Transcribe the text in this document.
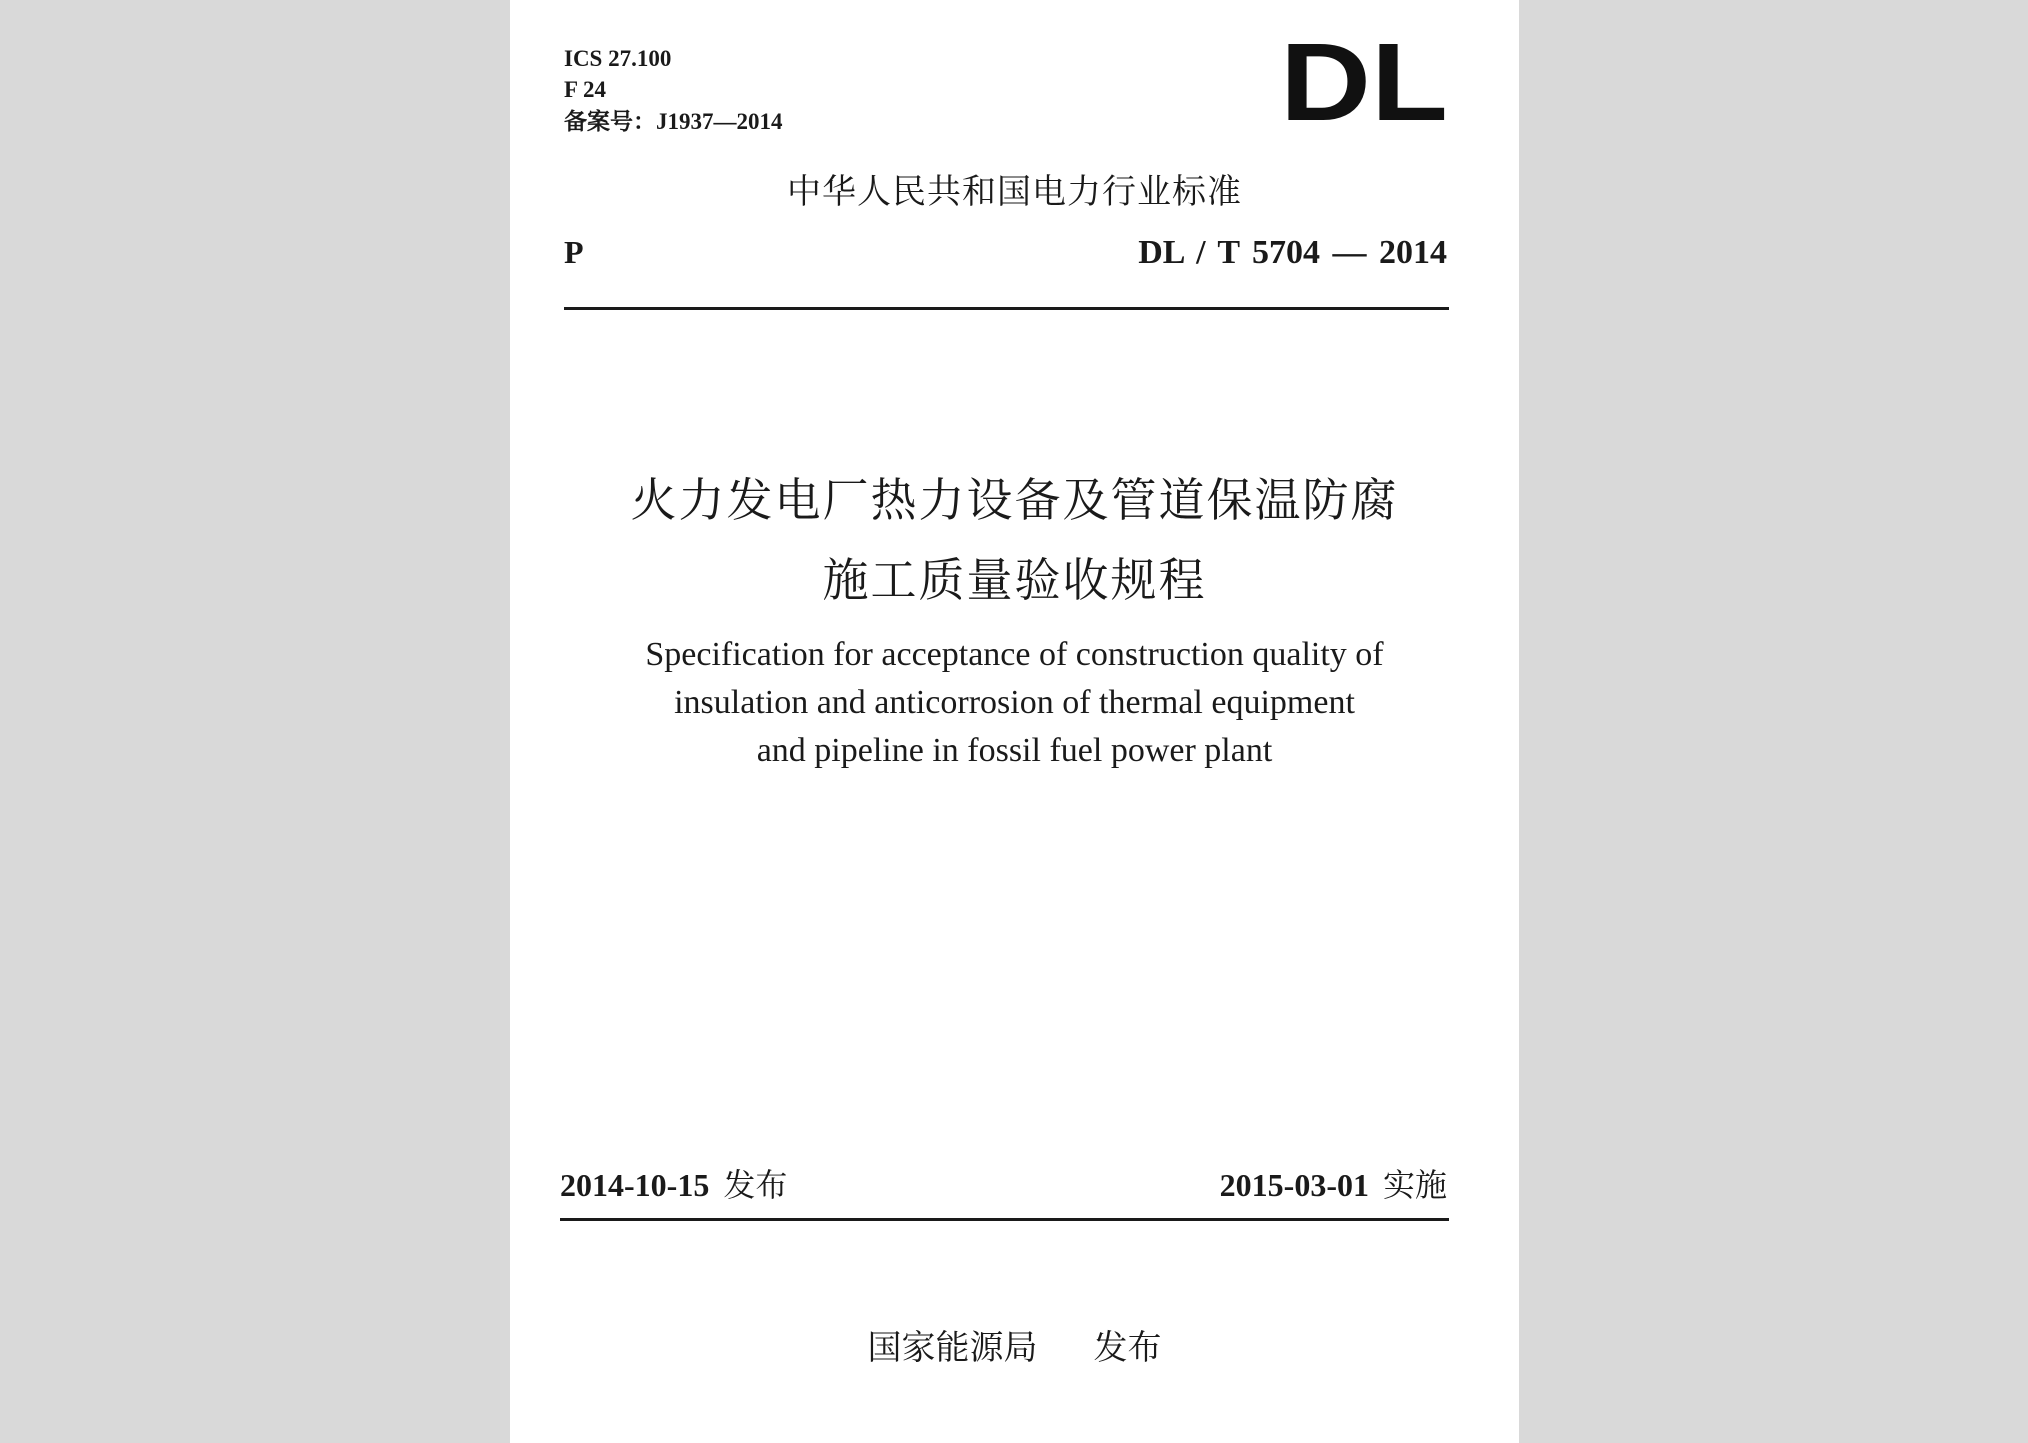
ICS 27.100

F 24

备案号：J1937—2014	DL

中华人民共和国电力行业标准

P	DL / T 5704 — 2014

火力发电厂热力设备及管道保温防腐

施工质量验收规程

Specification for acceptance of construction quality of

insulation and anticorrosion of thermal equipment

and pipeline in fossil fuel power plant

2014-10-15 发布	2015-03-01 实施

国家能源局 发布
